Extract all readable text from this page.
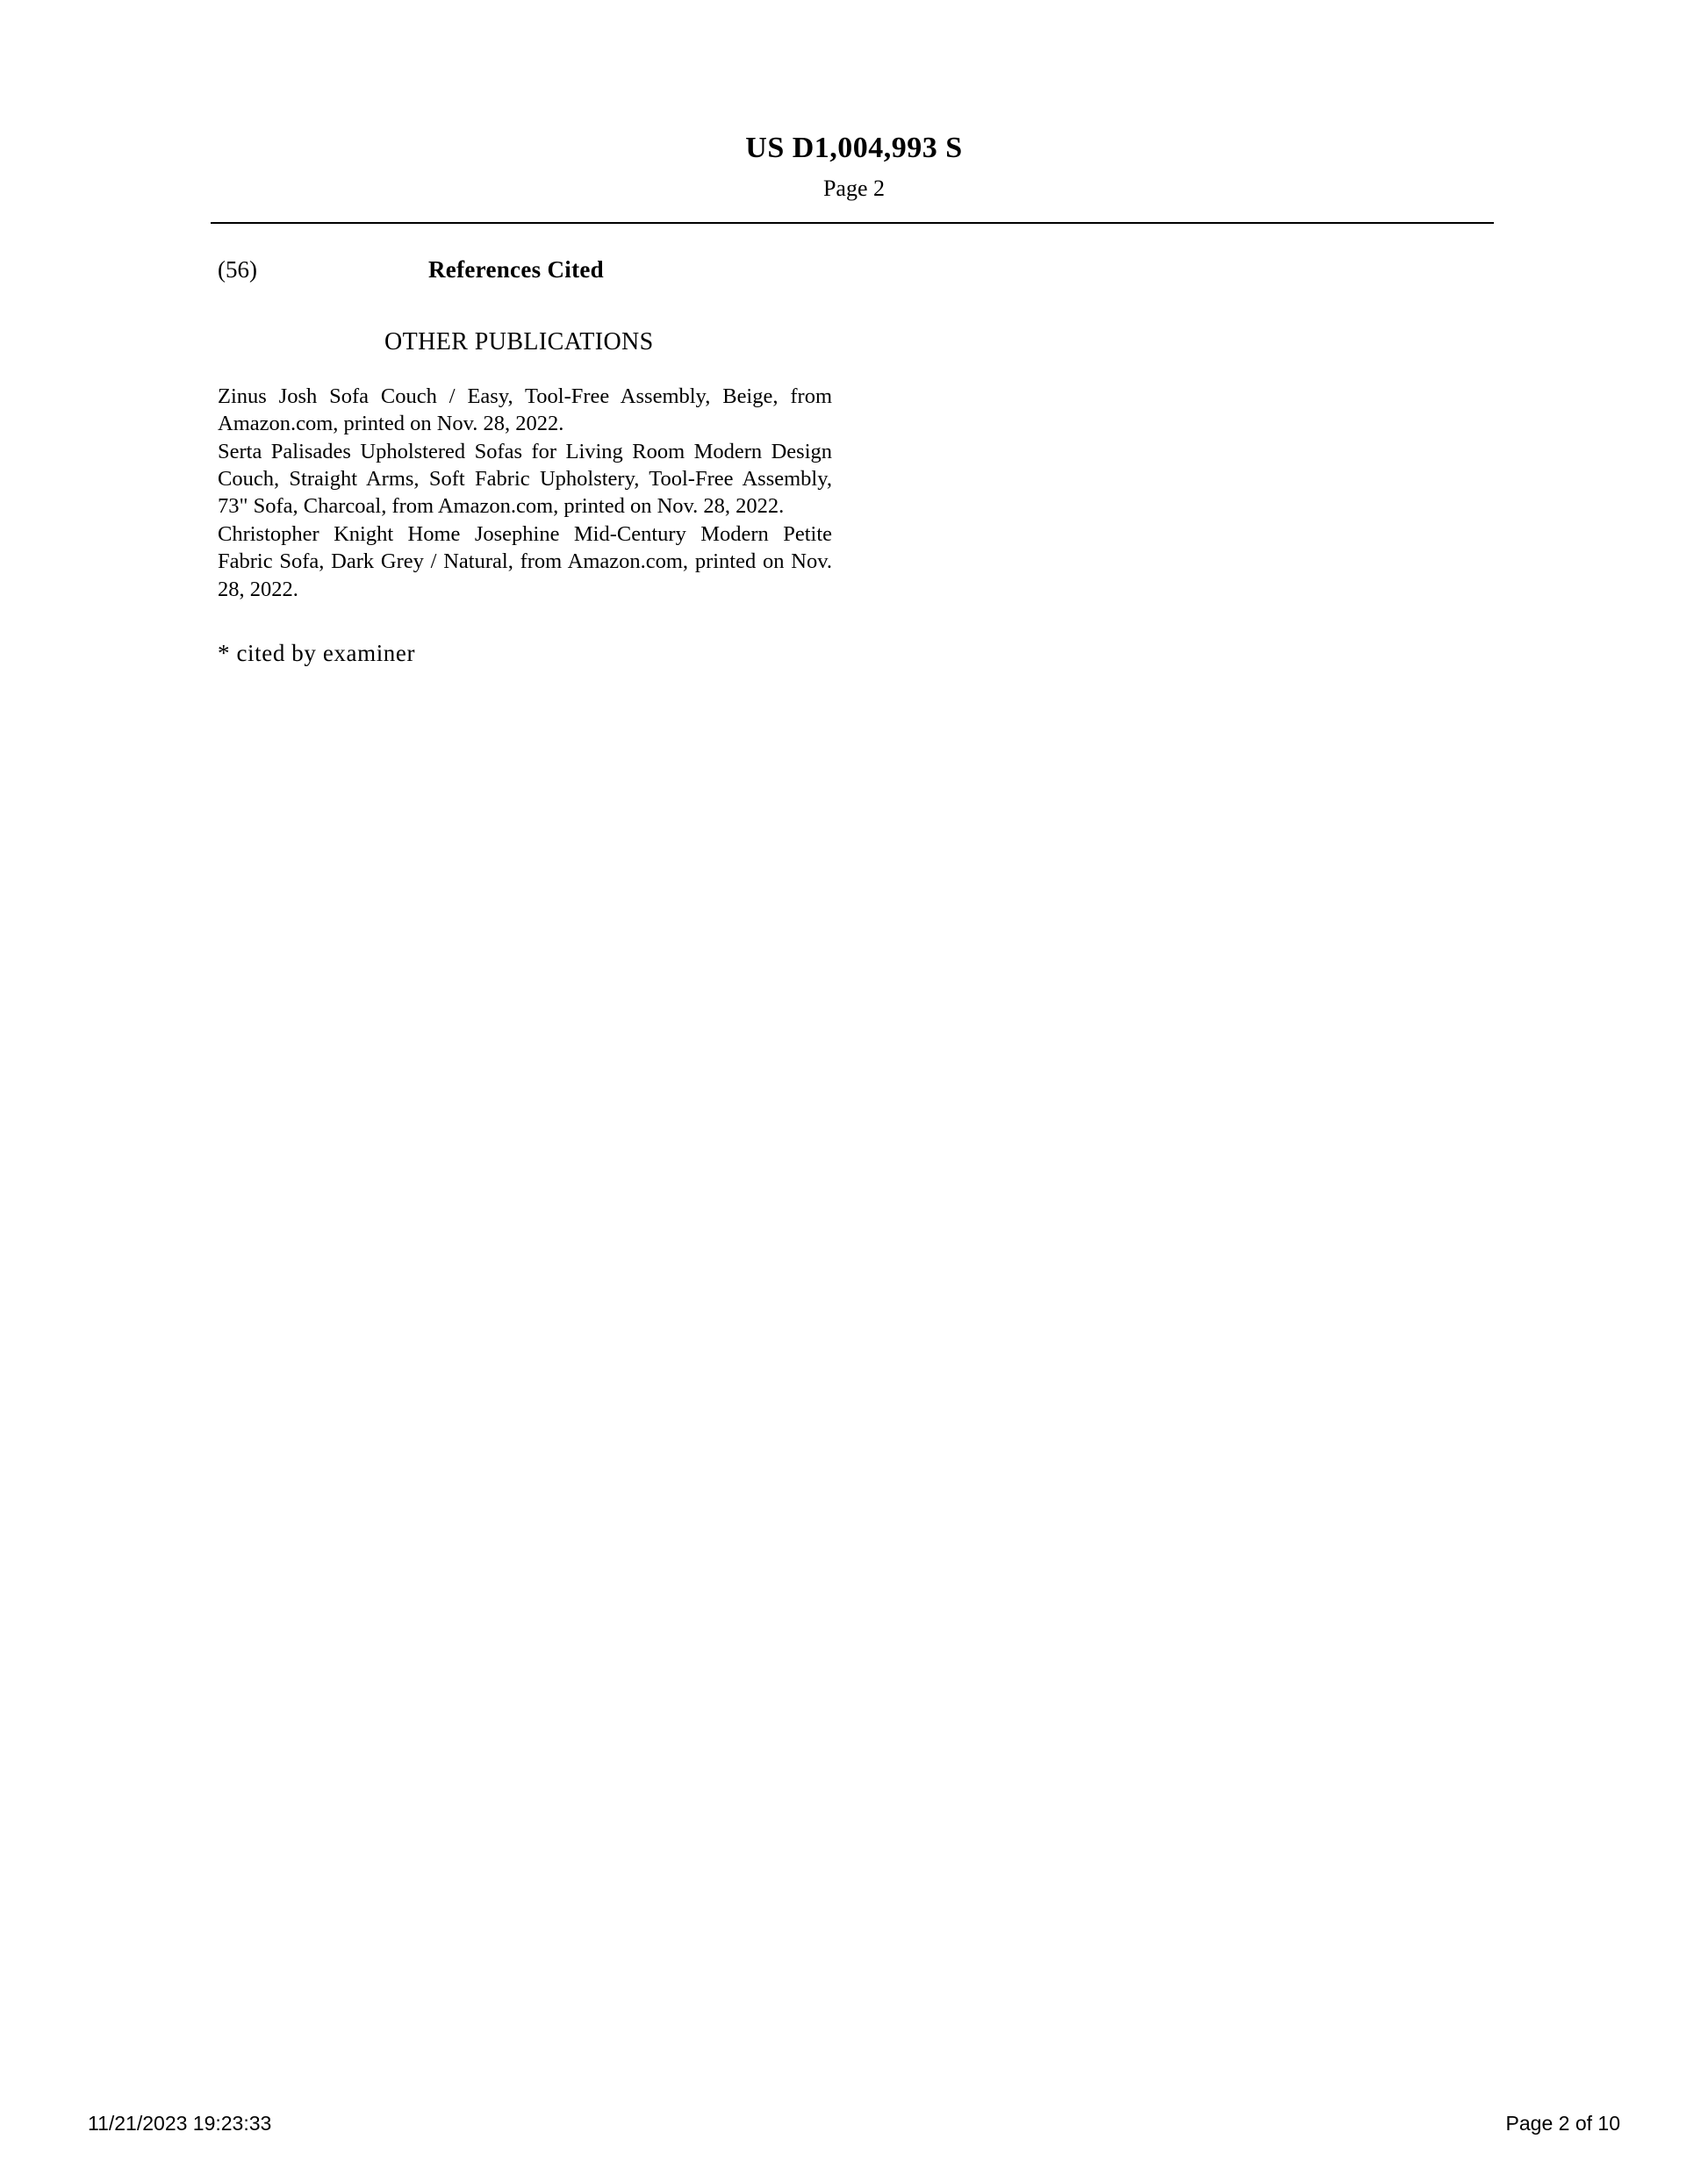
US D1,004,993 S
Page 2
(56)	References Cited
OTHER PUBLICATIONS

Zinus Josh Sofa Couch / Easy, Tool-Free Assembly, Beige, from Amazon.com, printed on Nov. 28, 2022.

Serta Palisades Upholstered Sofas for Living Room Modern Design Couch, Straight Arms, Soft Fabric Upholstery, Tool-Free Assembly, 73" Sofa, Charcoal, from Amazon.com, printed on Nov. 28, 2022.

Christopher Knight Home Josephine Mid-Century Modern Petite Fabric Sofa, Dark Grey / Natural, from Amazon.com, printed on Nov. 28, 2022.

* cited by examiner
11/21/2023 19:23:33	Page 2 of 10
